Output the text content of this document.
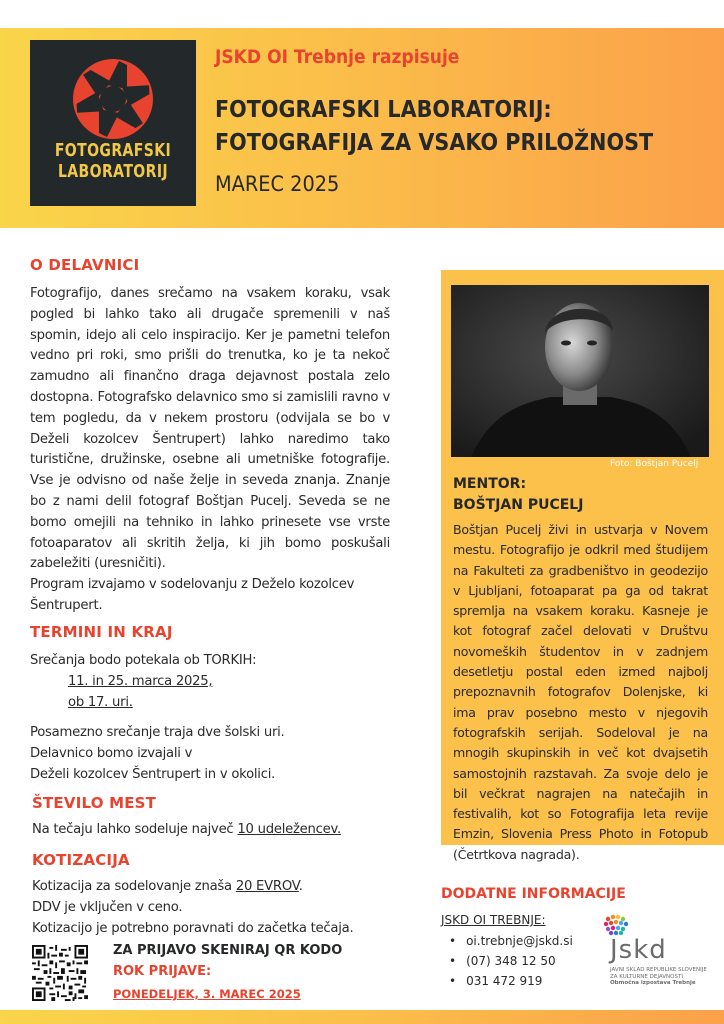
FOTOGRAFSKI
LABORATORIJ
JSKD OI Trebnje razpisuje
FOTOGRAFSKI LABORATORIJ:
FOTOGRAFIJA ZA VSAKO PRILOŽNOST
MAREC 2025
O DELAVNICI
Fotografijo, danes srečamo na vsakem koraku, vsak pogled bi lahko tako ali drugače spremenili v naš spomin, idejo ali celo inspiracijo. Ker je pametni telefon vedno pri roki, smo prišli do trenutka, ko je ta nekoč zamudno ali finančno draga dejavnost postala zelo dostopna. Fotografsko delavnico smo si zamislili ravno v tem pogledu, da v nekem prostoru (odvijala se bo v Deželi kozolcev Šentrupert) lahko naredimo tako turistične, družinske, osebne ali umetniške fotografije. Vse je odvisno od naše želje in seveda znanja. Znanje bo z nami delil fotograf Boštjan Pucelj. Seveda se ne bomo omejili na tehniko in lahko prinesete vse vrste fotoaparatov ali skritih želja, ki jih bomo poskušali zabeležiti (uresničiti).
Program izvajamo v sodelovanju z Deželo kozolcev Šentrupert.
TERMINI IN KRAJ
Srečanja bodo potekala ob TORKIH:
11. in 25. marca 2025,
ob 17. uri.
Posamezno srečanje traja dve šolski uri.
Delavnico bomo izvajali v
Deželi kozolcev Šentrupert in v okolici.
ŠTEVILO MEST
Na tečaju lahko sodeluje največ 10 udeležencev.
KOTIZACIJA
Kotizacija za sodelovanje znaša 20 EVROV.
DDV je vključen v ceno.
Kotizacijo je potrebno poravnati do začetka tečaja.
ZA PRIJAVO SKENIRAJ QR KODO
ROK PRIJAVE:
PONEDELJEK, 3. MAREC 2025
Foto: Boštjan Pucelj
MENTOR:
BOŠTJAN PUCELJ
Boštjan Pucelj živi in ustvarja v Novem mestu. Fotografijo je odkril med študijem na Fakulteti za gradbeništvo in geodezijo v Ljubljani, fotoaparat pa ga od takrat spremlja na vsakem koraku. Kasneje je kot fotograf začel delovati v Društvu novomeških študentov in v zadnjem desetletju postal eden izmed najbolj prepoznavnih fotografov Dolenjske, ki ima prav posebno mesto v njegovih fotografskih serijah. Sodeloval je na mnogih skupinskih in več kot dvajsetih samostojnih razstavah. Za svoje delo je bil večkrat nagrajen na natečajih in festivalih, kot so Fotografija leta revije Emzin, Slovenia Press Photo in Fotopub (Četrtkova nagrada).
DODATNE INFORMACIJE
JSKD OI TREBNJE:
• oi.trebnje@jskd.si
• (07) 348 12 50
• 031 472 919
Jskd
JAVNI SKLAD REPUBLIKE SLOVENIJE
ZA KULTURNE DEJAVNOSTI
Območna izpostava Trebnje
